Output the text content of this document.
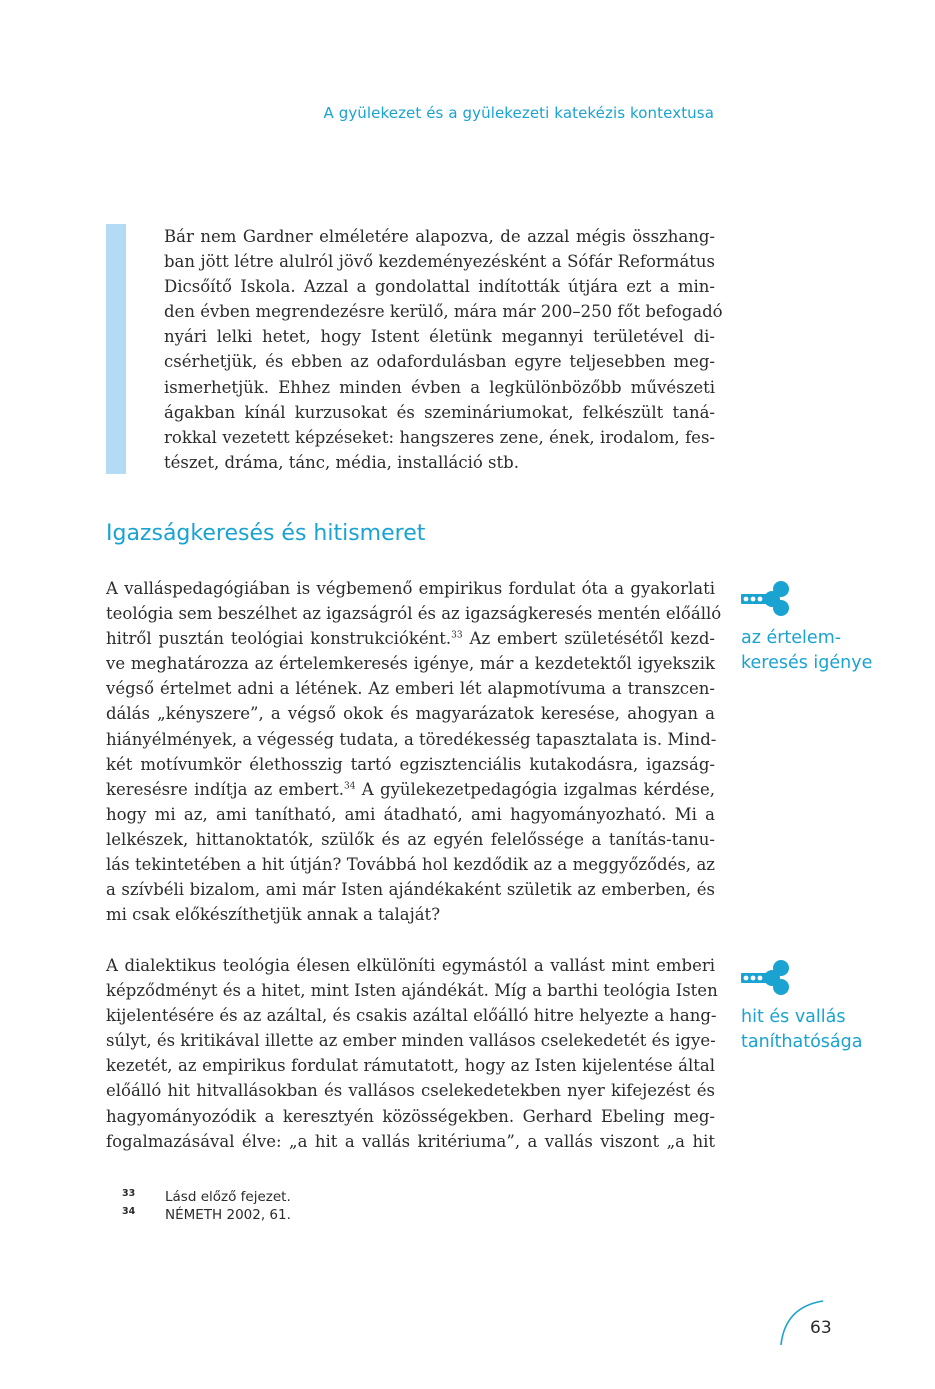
A gyülekezet és a gyülekezeti katekézis kontextusa
Bár nem Gardner elméletére alapozva, de azzal mégis összhang-
ban jött létre alulról jövő kezdeményezésként a Sófár Református
Dicsőítő Iskola. Azzal a gondolattal indították útjára ezt a min-
den évben megrendezésre kerülő, mára már 200–250 főt befogadó
nyári lelki hetet, hogy Istent életünk megannyi területével di-
csérhetjük, és ebben az odafordulásban egyre teljesebben meg-
ismerhetjük. Ehhez minden évben a legkülönbözőbb művészeti
ágakban kínál kurzusokat és szemináriumokat, felkészült taná-
rokkal vezetett képzéseket: hangszeres zene, ének, irodalom, fes-
tészet, dráma, tánc, média, installáció stb.
Igazságkeresés és hitismeret
A valláspedagógiában is végbemenő empirikus fordulat óta a gyakorlati
teológia sem beszélhet az igazságról és az igazságkeresés mentén előálló
hitről pusztán teológiai konstrukcióként.$^{33}$ Az embert születésétől kezd-
ve meghatározza az értelemkeresés igénye, már a kezdetektől igyekszik
végső értelmet adni a létének. Az emberi lét alapmotívuma a transzcen-
dálás „kényszere”, a végső okok és magyarázatok keresése, ahogyan a
hiányélmények, a végesség tudata, a töredékesség tapasztalata is. Mind-
két motívumkör élethosszig tartó egzisztenciális kutakodásra, igazság-
keresésre indítja az embert.$^{34}$ A gyülekezetpedagógia izgalmas kérdése,
hogy mi az, ami tanítható, ami átadható, ami hagyományozható. Mi a
lelkészek, hittanoktatók, szülők és az egyén felelőssége a tanítás-tanu-
lás tekintetében a hit útján? Továbbá hol kezdődik az a meggyőződés, az
a szívbéli bizalom, ami már Isten ajándékaként születik az emberben, és
mi csak előkészíthetjük annak a talaját?
A dialektikus teológia élesen elkülöníti egymástól a vallást mint emberi
képződményt és a hitet, mint Isten ajándékát. Míg a barthi teológia Isten
kijelentésére és az azáltal, és csakis azáltal előálló hitre helyezte a hang-
súlyt, és kritikával illette az ember minden vallásos cselekedetét és igye-
kezetét, az empirikus fordulat rámutatott, hogy az Isten kijelentése által
előálló hit hitvallásokban és vallásos cselekedetekben nyer kifejezést és
hagyományozódik a keresztyén közösségekben. Gerhard Ebeling meg-
fogalmazásával élve: „a hit a vallás kritériuma”, a vallás viszont „a hit
az értelem-
keresés igénye
hit és vallás
taníthatósága
33 Lásd előző fejezet.
34 NÉMETH 2002, 61.
63
